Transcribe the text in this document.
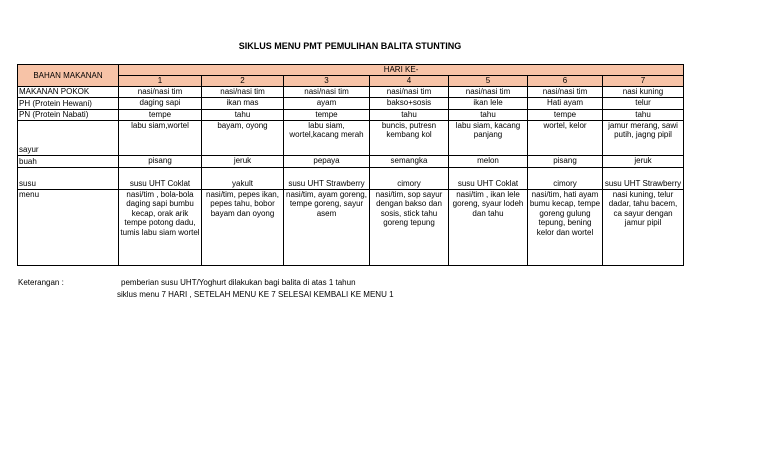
SIKLUS MENU PMT PEMULIHAN BALITA STUNTING
BAHAN MAKANAN	HARI KE-						
	1	2	3	4	5	6	7
MAKANAN POKOK	nasi/nasi tim	nasi/nasi tim	nasi/nasi tim	nasi/nasi tim	nasi/nasi tim	nasi/nasi tim	nasi kuning
PH (Protein Hewani)	daging sapi	ikan mas	ayam	bakso+sosis	ikan lele	Hati ayam	telur
PN (Protein Nabati)	tempe	tahu	tempe	tahu	tahu	tempe	tahu
sayur	labu siam,wortel	bayam, oyong	labu siam, wortel,kacang merah	buncis, putresn kembang kol	labu siam, kacang panjang	wortel, kelor	jamur merang, sawi putih, jagng pipil
buah	pisang	jeruk	pepaya	semangka	melon	pisang	jeruk
susu	susu UHT Coklat	yakult	susu UHT Strawberry	cimory	susu UHT Coklat	cimory	susu UHT Strawberry
menu	nasi/tim , bola-bola daging sapi bumbu kecap, orak arik tempe potong dadu, tumis labu siam wortel	nasi/tim, pepes ikan, pepes tahu, bobor bayam dan oyong	nasi/tim, ayam goreng, tempe goreng, sayur asem	nasi/tim, sop sayur dengan bakso dan sosis, stick tahu goreng tepung	nasi/tim , ikan lele goreng, syaur lodeh dan tahu	nasi/tim, hati ayam bumu kecap, tempe goreng gulung tepung, bening kelor dan wortel	nasi kuning, telur dadar, tahu bacem, ca sayur dengan jamur pipil
Keterangan :	pemberian susu UHT/Yoghurt dilakukan bagi balita di atas 1 tahun
siklus menu 7 HARI , SETELAH MENU KE 7 SELESAI KEMBALI KE MENU 1
